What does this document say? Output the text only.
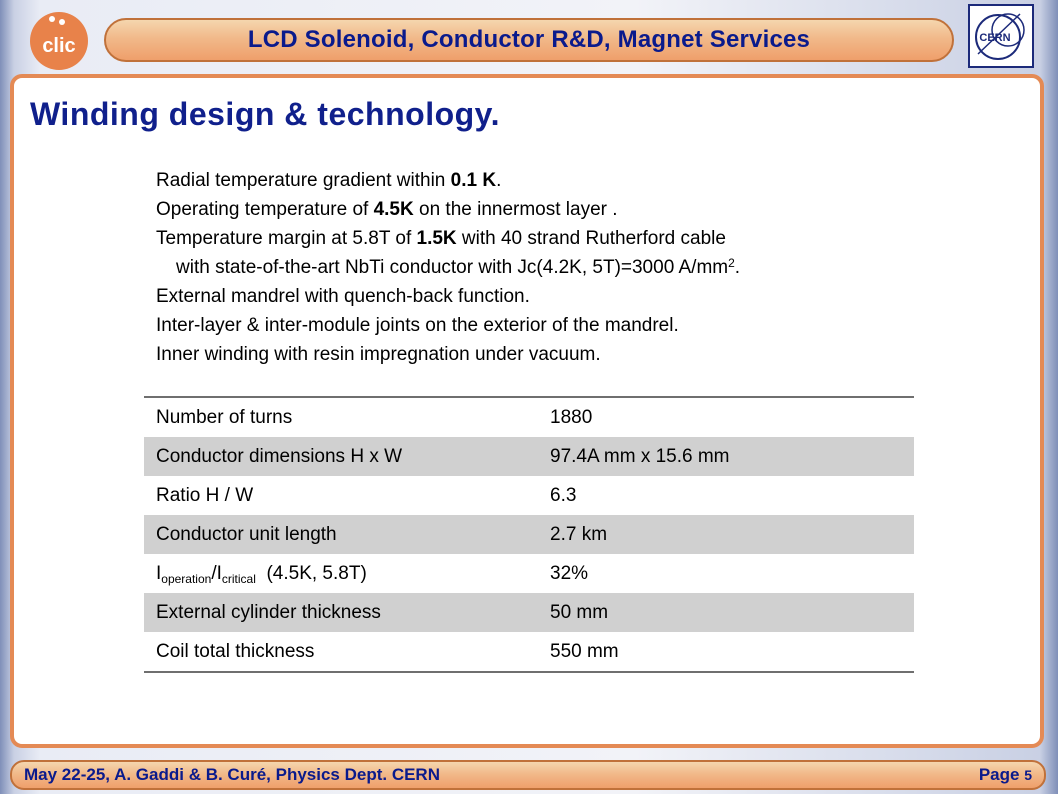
clic	LCD Solenoid, Conductor R&D, Magnet Services	CERN
Winding design & technology.
Radial temperature gradient within 0.1 K.
Operating temperature of 4.5K on the innermost layer .
Temperature margin at 5.8T of 1.5K with 40 strand Rutherford cable
with state-of-the-art NbTi conductor with Jc(4.2K, 5T)=3000 $A/mm^2$.
External mandrel with quench-back function.
Inter-layer & inter-module joints on the exterior of the mandrel.
Inner winding with resin impregnation under vacuum.
Number of turns	1880
Conductor dimensions H x W	97.4A mm x 15.6 mm
Ratio H / W	6.3
Conductor unit length	2.7 km
$I_{operation}/I_{critical}$  (4.5K, 5.8T)	32%
External cylinder thickness	50 mm
Coil total thickness	550 mm
May 22-25, A. Gaddi & B. Curé, Physics Dept. CERN	Page 5
